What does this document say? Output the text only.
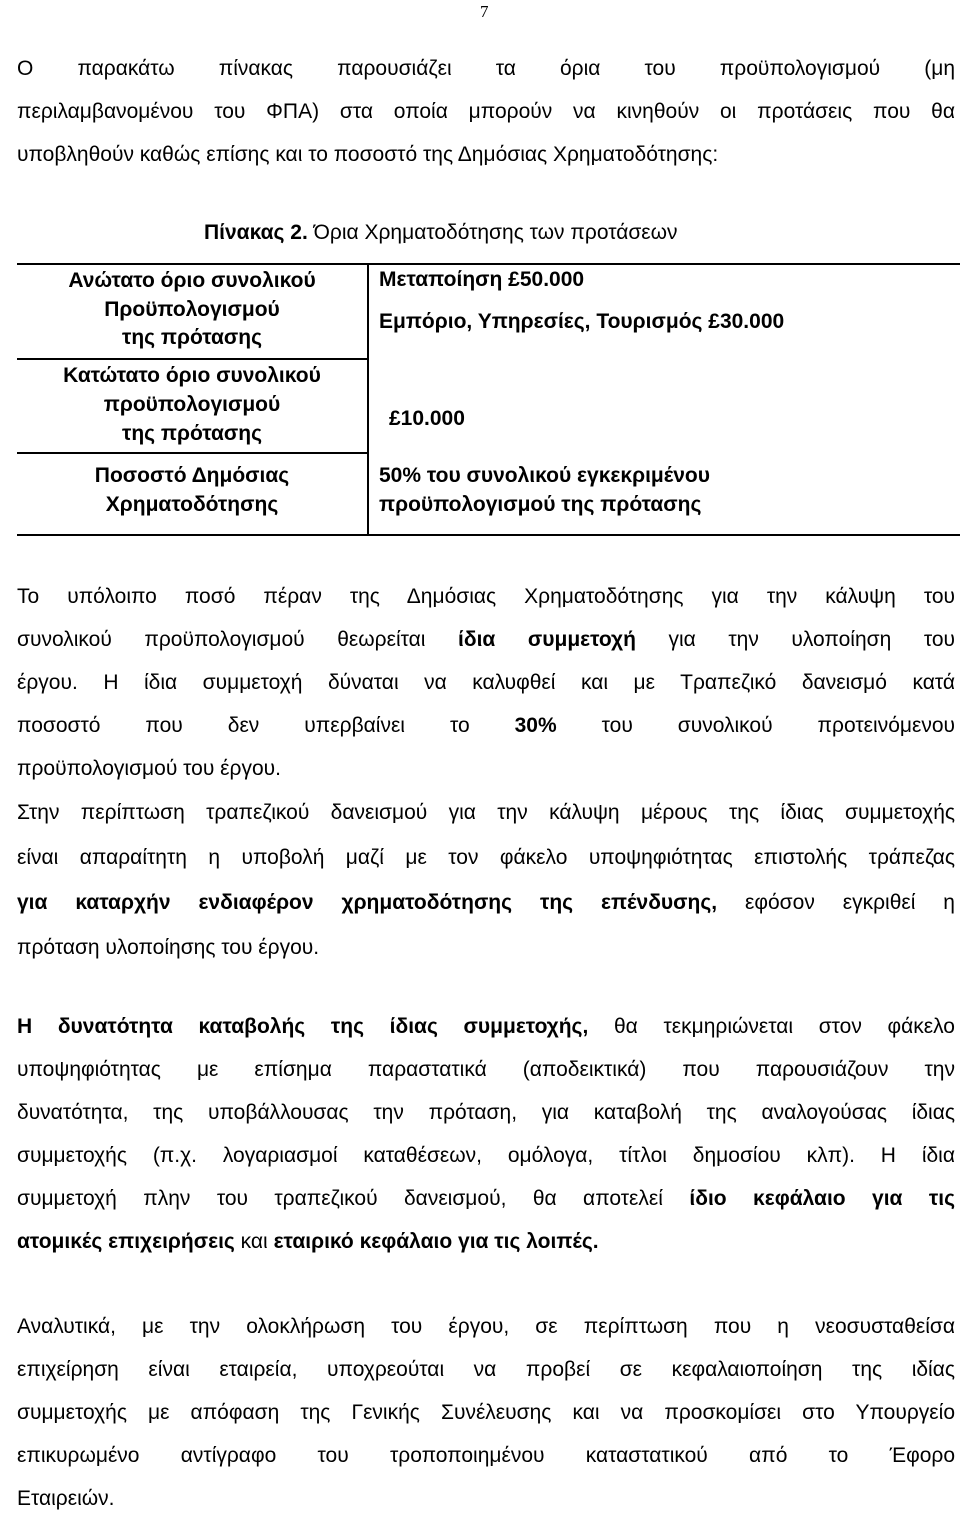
7
Ο παρακάτω πίνακας παρουσιάζει τα όρια του προϋπολογισμού (μη
περιλαμβανομένου του ΦΠΑ) στα οποία μπορούν να κινηθούν οι προτάσεις που θα
υποβληθούν καθώς επίσης και το ποσοστό της Δημόσιας Χρηματοδότησης:
Πίνακας 2. Όρια Χρηματοδότησης των προτάσεων
Ανώτατο όριο συνολικού
Προϋπολογισμού
της πρότασης
Μεταποίηση £50.000
Εμπόριο, Υπηρεσίες, Τουρισμός £30.000
Κατώτατο όριο συνολικού
προϋπολογισμού
της πρότασης
£10.000
Ποσοστό Δημόσιας
Χρηματοδότησης
50% του συνολικού εγκεκριμένου
προϋπολογισμού της πρότασης
Το υπόλοιπο ποσό πέραν της Δημόσιας Χρηματοδότησης για την κάλυψη του
συνολικού προϋπολογισμού θεωρείται ίδια συμμετοχή για την υλοποίηση του
έργου. Η ίδια συμμετοχή δύναται να καλυφθεί και με Τραπεζικό δανεισμό κατά
ποσοστό που δεν υπερβαίνει το 30% του συνολικού προτεινόμενου
προϋπολογισμού του έργου.
Στην περίπτωση τραπεζικού δανεισμού για την κάλυψη μέρους της ίδιας συμμετοχής
είναι απαραίτητη η υποβολή μαζί με τον φάκελο υποψηφιότητας επιστολής τράπεζας
για καταρχήν ενδιαφέρον χρηματοδότησης της επένδυσης, εφόσον εγκριθεί η
πρόταση υλοποίησης του έργου.
Η δυνατότητα καταβολής της ίδιας συμμετοχής, θα τεκμηριώνεται στον φάκελο
υποψηφιότητας με επίσημα παραστατικά (αποδεικτικά) που παρουσιάζουν την
δυνατότητα, της υποβάλλουσας την πρόταση, για καταβολή της αναλογούσας ίδιας
συμμετοχής (π.χ. λογαριασμοί καταθέσεων, ομόλογα, τίτλοι δημοσίου κλπ). Η ίδια
συμμετοχή πλην του τραπεζικού δανεισμού, θα αποτελεί ίδιο κεφάλαιο για τις
ατομικές επιχειρήσεις και εταιρικό κεφάλαιο για τις λοιπές.
Αναλυτικά, με την ολοκλήρωση του έργου, σε περίπτωση που η νεοσυσταθείσα
επιχείρηση είναι εταιρεία, υποχρεούται να προβεί σε κεφαλαιοποίηση της ιδίας
συμμετοχής με απόφαση της Γενικής Συνέλευσης και να προσκομίσει στο Υπουργείο
επικυρωμένο αντίγραφο του τροποποιημένου καταστατικού από το Έφορο
Εταιρειών.
